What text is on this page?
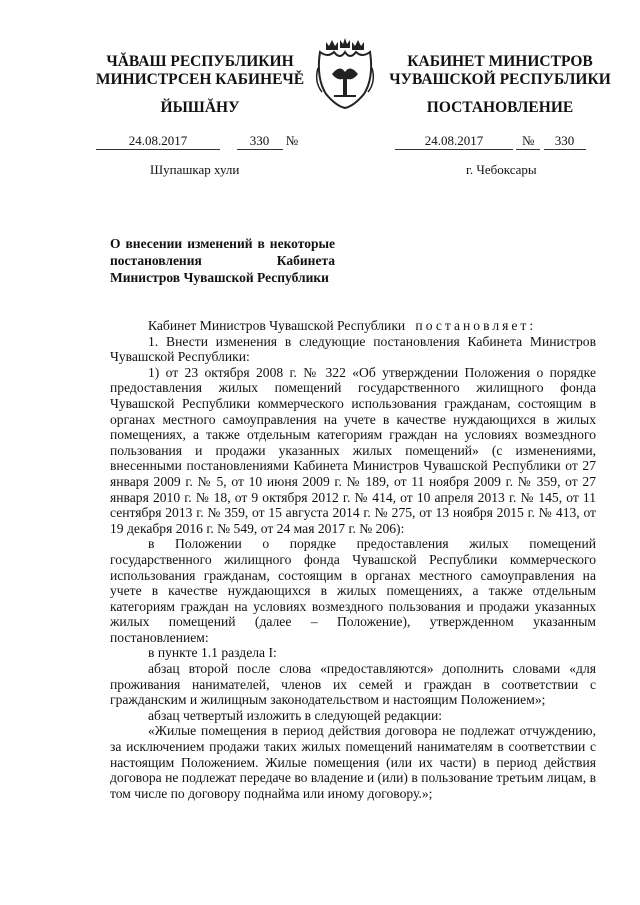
ЧĂВАШ РЕСПУБЛИКИН
МИНИСТРСЕН КАБИНЕЧĚ
ЙЫШĂНУ
КАБИНЕТ МИНИСТРОВ
ЧУВАШСКОЙ РЕСПУБЛИКИ
ПОСТАНОВЛЕНИЕ
24.08.2017	330 №	24.08.2017	№ 330
Шупашкар хули	г. Чебоксары
О внесении изменений в некоторые постановления Кабинета Министров Чувашской Республики

Кабинет Министров Чувашской Республики постановляет:

1. Внести изменения в следующие постановления Кабинета Министров Чувашской Республики:

1) от 23 октября 2008 г. № 322 «Об утверждении Положения о порядке предоставления жилых помещений государственного жилищного фонда Чувашской Республики коммерческого использования гражданам, состоящим в органах местного самоуправления на учете в качестве нуждающихся в жилых помещениях, а также отдельным категориям граждан на условиях возмездного пользования и продажи указанных жилых помещений» (с изменениями, внесенными постановлениями Кабинета Министров Чувашской Республики от 27 января 2009 г. № 5, от 10 июня 2009 г. № 189, от 11 ноября 2009 г. № 359, от 27 января 2010 г. № 18, от 9 октября 2012 г. № 414, от 10 апреля 2013 г. № 145, от 11 сентября 2013 г. № 359, от 15 августа 2014 г. № 275, от 13 ноября 2015 г. № 413, от 19 декабря 2016 г. № 549, от 24 мая 2017 г. № 206):

в Положении о порядке предоставления жилых помещений государственного жилищного фонда Чувашской Республики коммерческого использования гражданам, состоящим в органах местного самоуправления на учете в качестве нуждающихся в жилых помещениях, а также отдельным категориям граждан на условиях возмездного пользования и продажи указанных жилых помещений (далее – Положение), утвержденном указанным постановлением:

в пункте 1.1 раздела I:

абзац второй после слова «предоставляются» дополнить словами «для проживания нанимателей, членов их семей и граждан в соответствии с гражданским и жилищным законодательством и настоящим Положением»;

абзац четвертый изложить в следующей редакции:

«Жилые помещения в период действия договора не подлежат отчуждению, за исключением продажи таких жилых помещений нанимателям в соответствии с настоящим Положением. Жилые помещения (или их части) в период действия договора не подлежат передаче во владение и (или) в пользование третьим лицам, в том числе по договору поднайма или иному договору.»;
